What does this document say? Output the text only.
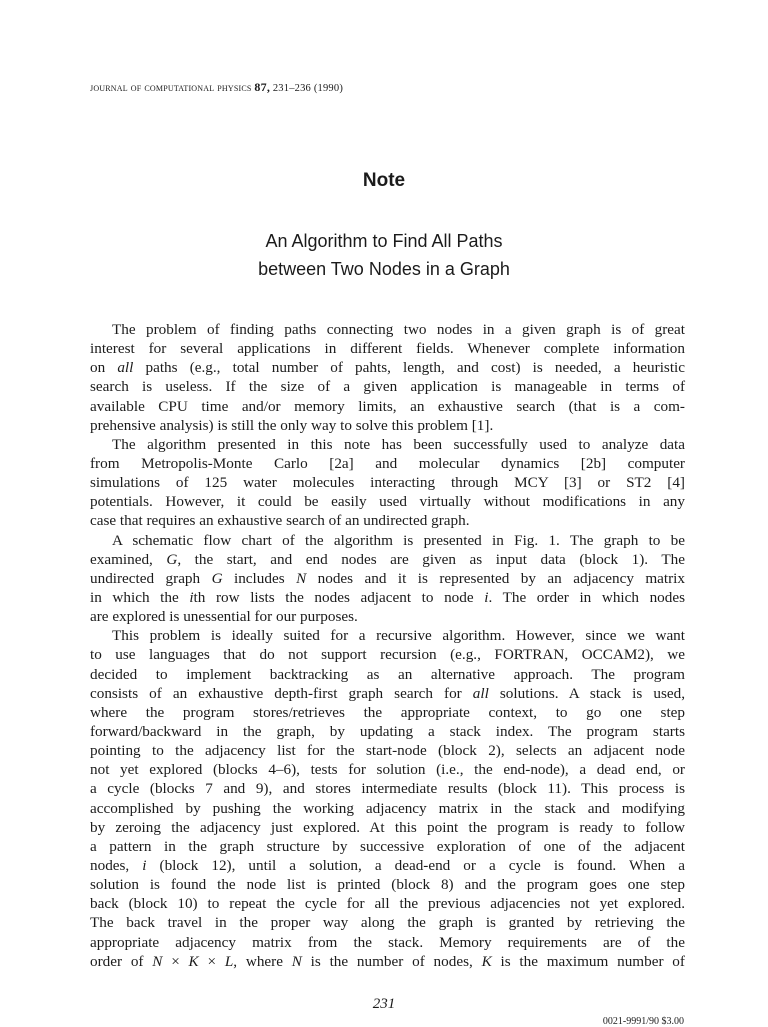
journal of computational physics 87, 231–236 (1990)
Note
An Algorithm to Find All Paths
between Two Nodes in a Graph
The problem of finding paths connecting two nodes in a given graph is of great
interest for several applications in different fields. Whenever complete information
on all paths (e.g., total number of pahts, length, and cost) is needed, a heuristic
search is useless. If the size of a given application is manageable in terms of
available CPU time and/or memory limits, an exhaustive search (that is a com-
prehensive analysis) is still the only way to solve this problem [1].
The algorithm presented in this note has been successfully used to analyze data
from Metropolis-Monte Carlo [2a] and molecular dynamics [2b] computer
simulations of 125 water molecules interacting through MCY [3] or ST2 [4]
potentials. However, it could be easily used virtually without modifications in any
case that requires an exhaustive search of an undirected graph.
A schematic flow chart of the algorithm is presented in Fig. 1. The graph to be
examined, G, the start, and end nodes are given as input data (block 1). The
undirected graph G includes N nodes and it is represented by an adjacency matrix
in which the ith row lists the nodes adjacent to node i. The order in which nodes
are explored is unessential for our purposes.
This problem is ideally suited for a recursive algorithm. However, since we want
to use languages that do not support recursion (e.g., FORTRAN, OCCAM2), we
decided to implement backtracking as an alternative approach. The program
consists of an exhaustive depth-first graph search for all solutions. A stack is used,
where the program stores/retrieves the appropriate context, to go one step
forward/backward in the graph, by updating a stack index. The program starts
pointing to the adjacency list for the start-node (block 2), selects an adjacent node
not yet explored (blocks 4–6), tests for solution (i.e., the end-node), a dead end, or
a cycle (blocks 7 and 9), and stores intermediate results (block 11). This process is
accomplished by pushing the working adjacency matrix in the stack and modifying
by zeroing the adjacency just explored. At this point the program is ready to follow
a pattern in the graph structure by successive exploration of one of the adjacent
nodes, i (block 12), until a solution, a dead-end or a cycle is found. When a
solution is found the node list is printed (block 8) and the program goes one step
back (block 10) to repeat the cycle for all the previous adjacencies not yet explored.
The back travel in the proper way along the graph is granted by retrieving the
appropriate adjacency matrix from the stack. Memory requirements are of the
order of N × K × L, where N is the number of nodes, K is the maximum number of
231
0021-9991/90 $3.00
